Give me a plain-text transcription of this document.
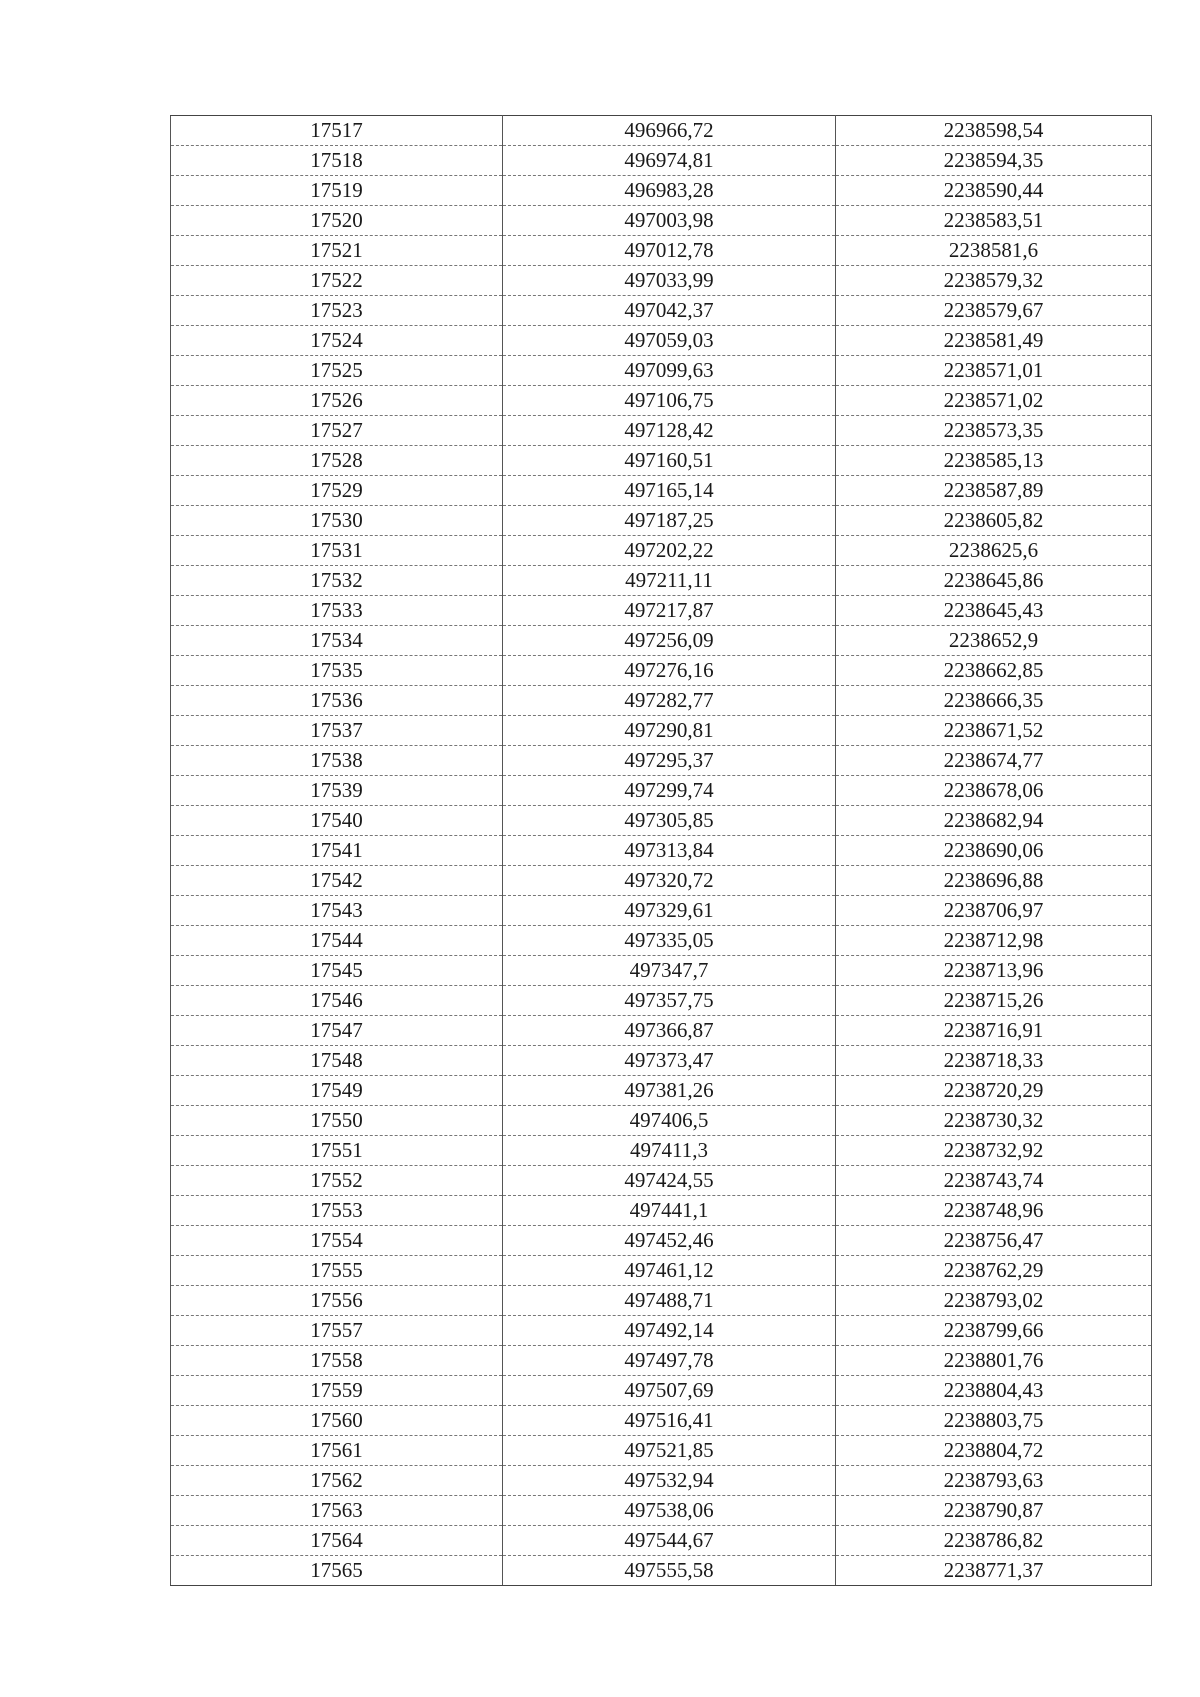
17517	496966,72	2238598,54
17518	496974,81	2238594,35
17519	496983,28	2238590,44
17520	497003,98	2238583,51
17521	497012,78	2238581,6
17522	497033,99	2238579,32
17523	497042,37	2238579,67
17524	497059,03	2238581,49
17525	497099,63	2238571,01
17526	497106,75	2238571,02
17527	497128,42	2238573,35
17528	497160,51	2238585,13
17529	497165,14	2238587,89
17530	497187,25	2238605,82
17531	497202,22	2238625,6
17532	497211,11	2238645,86
17533	497217,87	2238645,43
17534	497256,09	2238652,9
17535	497276,16	2238662,85
17536	497282,77	2238666,35
17537	497290,81	2238671,52
17538	497295,37	2238674,77
17539	497299,74	2238678,06
17540	497305,85	2238682,94
17541	497313,84	2238690,06
17542	497320,72	2238696,88
17543	497329,61	2238706,97
17544	497335,05	2238712,98
17545	497347,7	2238713,96
17546	497357,75	2238715,26
17547	497366,87	2238716,91
17548	497373,47	2238718,33
17549	497381,26	2238720,29
17550	497406,5	2238730,32
17551	497411,3	2238732,92
17552	497424,55	2238743,74
17553	497441,1	2238748,96
17554	497452,46	2238756,47
17555	497461,12	2238762,29
17556	497488,71	2238793,02
17557	497492,14	2238799,66
17558	497497,78	2238801,76
17559	497507,69	2238804,43
17560	497516,41	2238803,75
17561	497521,85	2238804,72
17562	497532,94	2238793,63
17563	497538,06	2238790,87
17564	497544,67	2238786,82
17565	497555,58	2238771,37
